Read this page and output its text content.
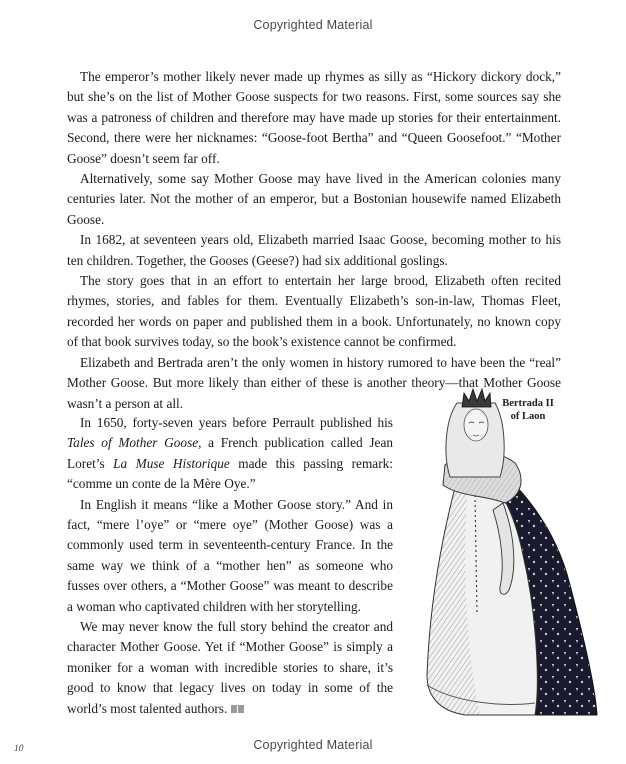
Copyrighted Material

The emperor’s mother likely never made up rhymes as silly as “Hickory dickory dock,” but she’s on the list of Mother Goose suspects for two reasons. First, some sources say she was a patroness of children and therefore may have made up stories for their entertainment. Second, there were her nicknames: “Goose-foot Bertha” and “Queen Goosefoot.” “Mother Goose” doesn’t seem far off.

Alternatively, some say Mother Goose may have lived in the American colonies many centuries later. Not the mother of an emperor, but a Bostonian housewife named Elizabeth Goose.

In 1682, at seventeen years old, Elizabeth married Isaac Goose, becoming mother to his ten children. Together, the Gooses (Geese?) had six additional goslings.

The story goes that in an effort to entertain her large brood, Elizabeth often recited rhymes, stories, and fables for them. Eventually Elizabeth’s son-in-law, Thomas Fleet, recorded her words on paper and published them in a book. Unfortunately, no known copy of that book survives today, so the book’s existence cannot be confirmed.

Elizabeth and Bertrada aren’t the only women in history rumored to have been the “real” Mother Goose. But more likely than either of these is another theory—that Mother Goose wasn’t a person at all.

In 1650, forty-seven years before Perrault published his Tales of Mother Goose, a French publication called Jean Loret’s La Muse Historique made this passing remark: “comme un conte de la Mère Oye.”

In English it means “like a Mother Goose story.” And in fact, “mere l’oye” or “mere oye” (Mother Goose) was a commonly used term in seventeenth-century France. In the same way we think of a “mother hen” as someone who fusses over others, a “Mother Goose” was meant to describe a woman who captivated children with her storytelling.

We may never know the full story behind the creator and character Mother Goose. Yet if “Mother Goose” is simply a moniker for a woman with incredible stories to share, it’s good to know that legacy lives on today in some of the world’s most talented authors.

Bertrada II
of Laon
Copyrighted Material
10
